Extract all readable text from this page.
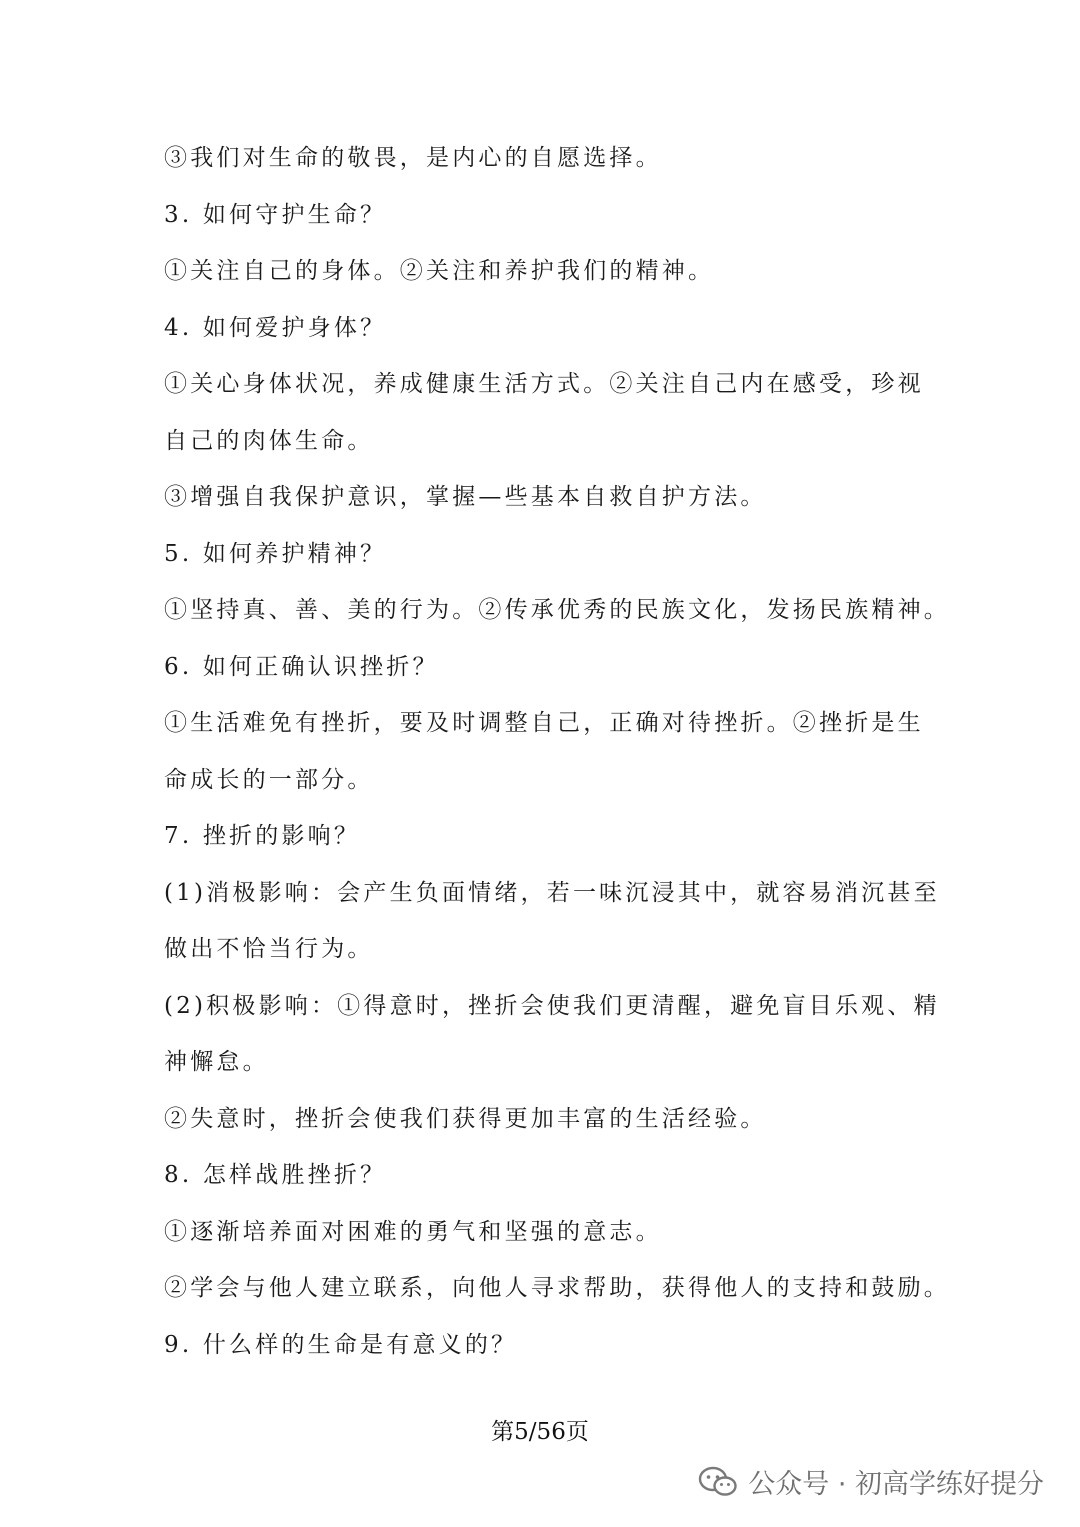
③我们对生命的敬畏，是内心的自愿选择。
3. 如何守护生命？
①关注自己的身体。②关注和养护我们的精神。
4. 如何爱护身体？
①关心身体状况，养成健康生活方式。②关注自己内在感受，珍视
自己的肉体生命。
③增强自我保护意识，掌握—些基本自救自护方法。
5. 如何养护精神？
①坚持真、善、美的行为。②传承优秀的民族文化，发扬民族精神。
6. 如何正确认识挫折？
①生活难免有挫折，要及时调整自己，正确对待挫折。②挫折是生
命成长的一部分。
7. 挫折的影响？
(1)消极影响：会产生负面情绪，若一味沉浸其中，就容易消沉甚至
做出不恰当行为。
(2)积极影响：①得意时，挫折会使我们更清醒，避免盲目乐观、精
神懈怠。
②失意时，挫折会使我们获得更加丰富的生活经验。
8. 怎样战胜挫折？
①逐渐培养面对困难的勇气和坚强的意志。
②学会与他人建立联系，向他人寻求帮助，获得他人的支持和鼓励。
9. 什么样的生命是有意义的？
第5/56页
公众号 · 初高学练好提分
